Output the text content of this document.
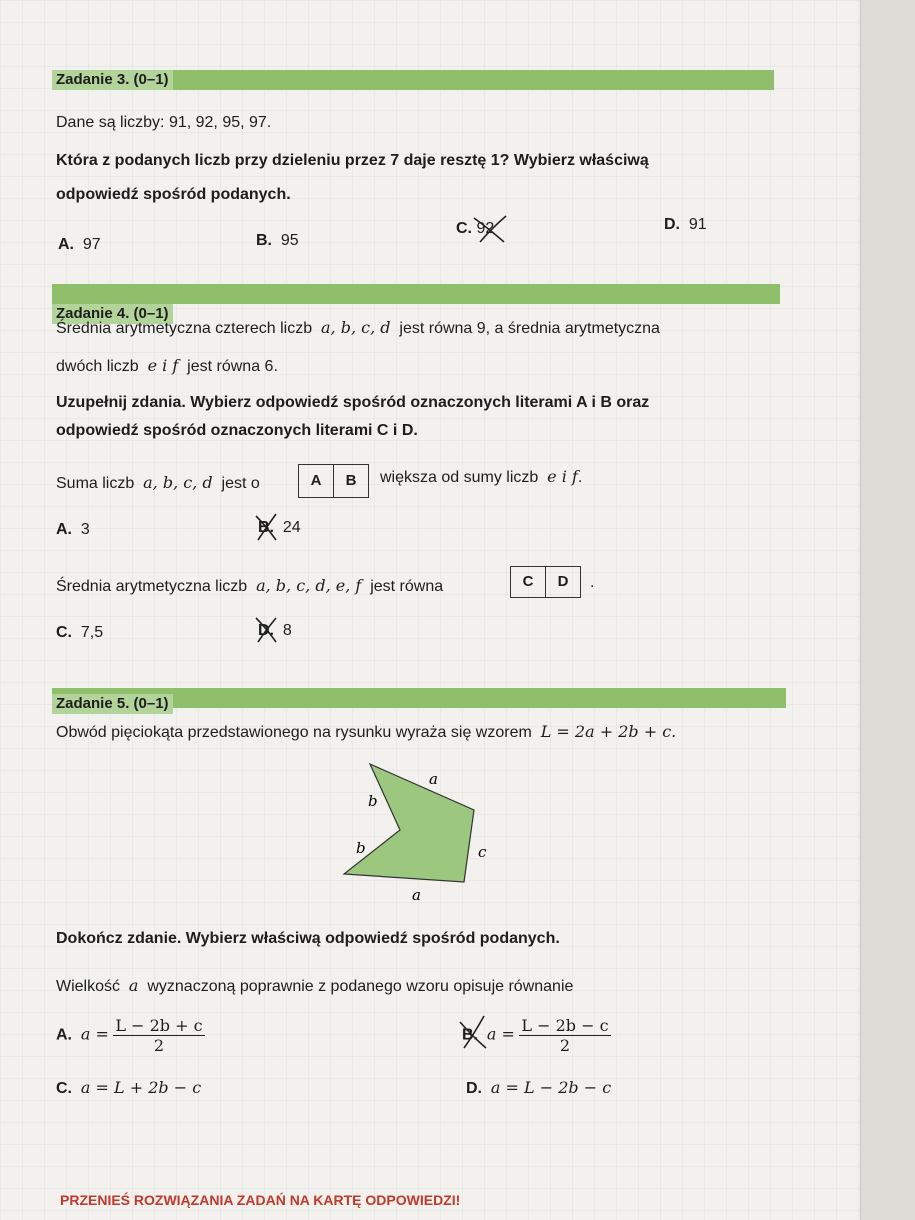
Zadanie 3. (0–1)
Dane są liczby: 91, 92, 95, 97.
Która z podanych liczb przy dzieleniu przez 7 daje resztę 1? Wybierz właściwą
odpowiedź spośród podanych.
A. 97	B. 95
C. 92	D. 91
Zadanie 4. (0–1)
Średnia arytmetyczna czterech liczb a, b, c, d jest równa 9, a średnia arytmetyczna
dwóch liczb e i f jest równa 6.
Uzupełnij zdania. Wybierz odpowiedź spośród oznaczonych literami A i B oraz
odpowiedź spośród oznaczonych literami C i D.
Suma liczb a, b, c, d jest o	A	B	większa od sumy liczb e i f.
A. 3	B. 24
Średnia arytmetyczna liczb a, b, c, d, e, f jest równa	C	D	.
C. 7,5	D. 8
Zadanie 5. (0–1)
Obwód pięciokąta przedstawionego na rysunku wyraża się wzorem L = 2a + 2b + c.
a
b
b	c
a
Dokończ zdanie. Wybierz właściwą odpowiedź spośród podanych.
Wielkość a wyznaczoną poprawnie z podanego wzoru opisuje równanie
A. $a = \frac{L - 2b + c}{2}$	B. $a = \frac{L - 2b - c}{2}$
C. a = L + 2b − c	D. a = L − 2b − c
PRZENIEŚ ROZWIĄZANIA ZADAŃ NA KARTĘ ODPOWIEDZI!
